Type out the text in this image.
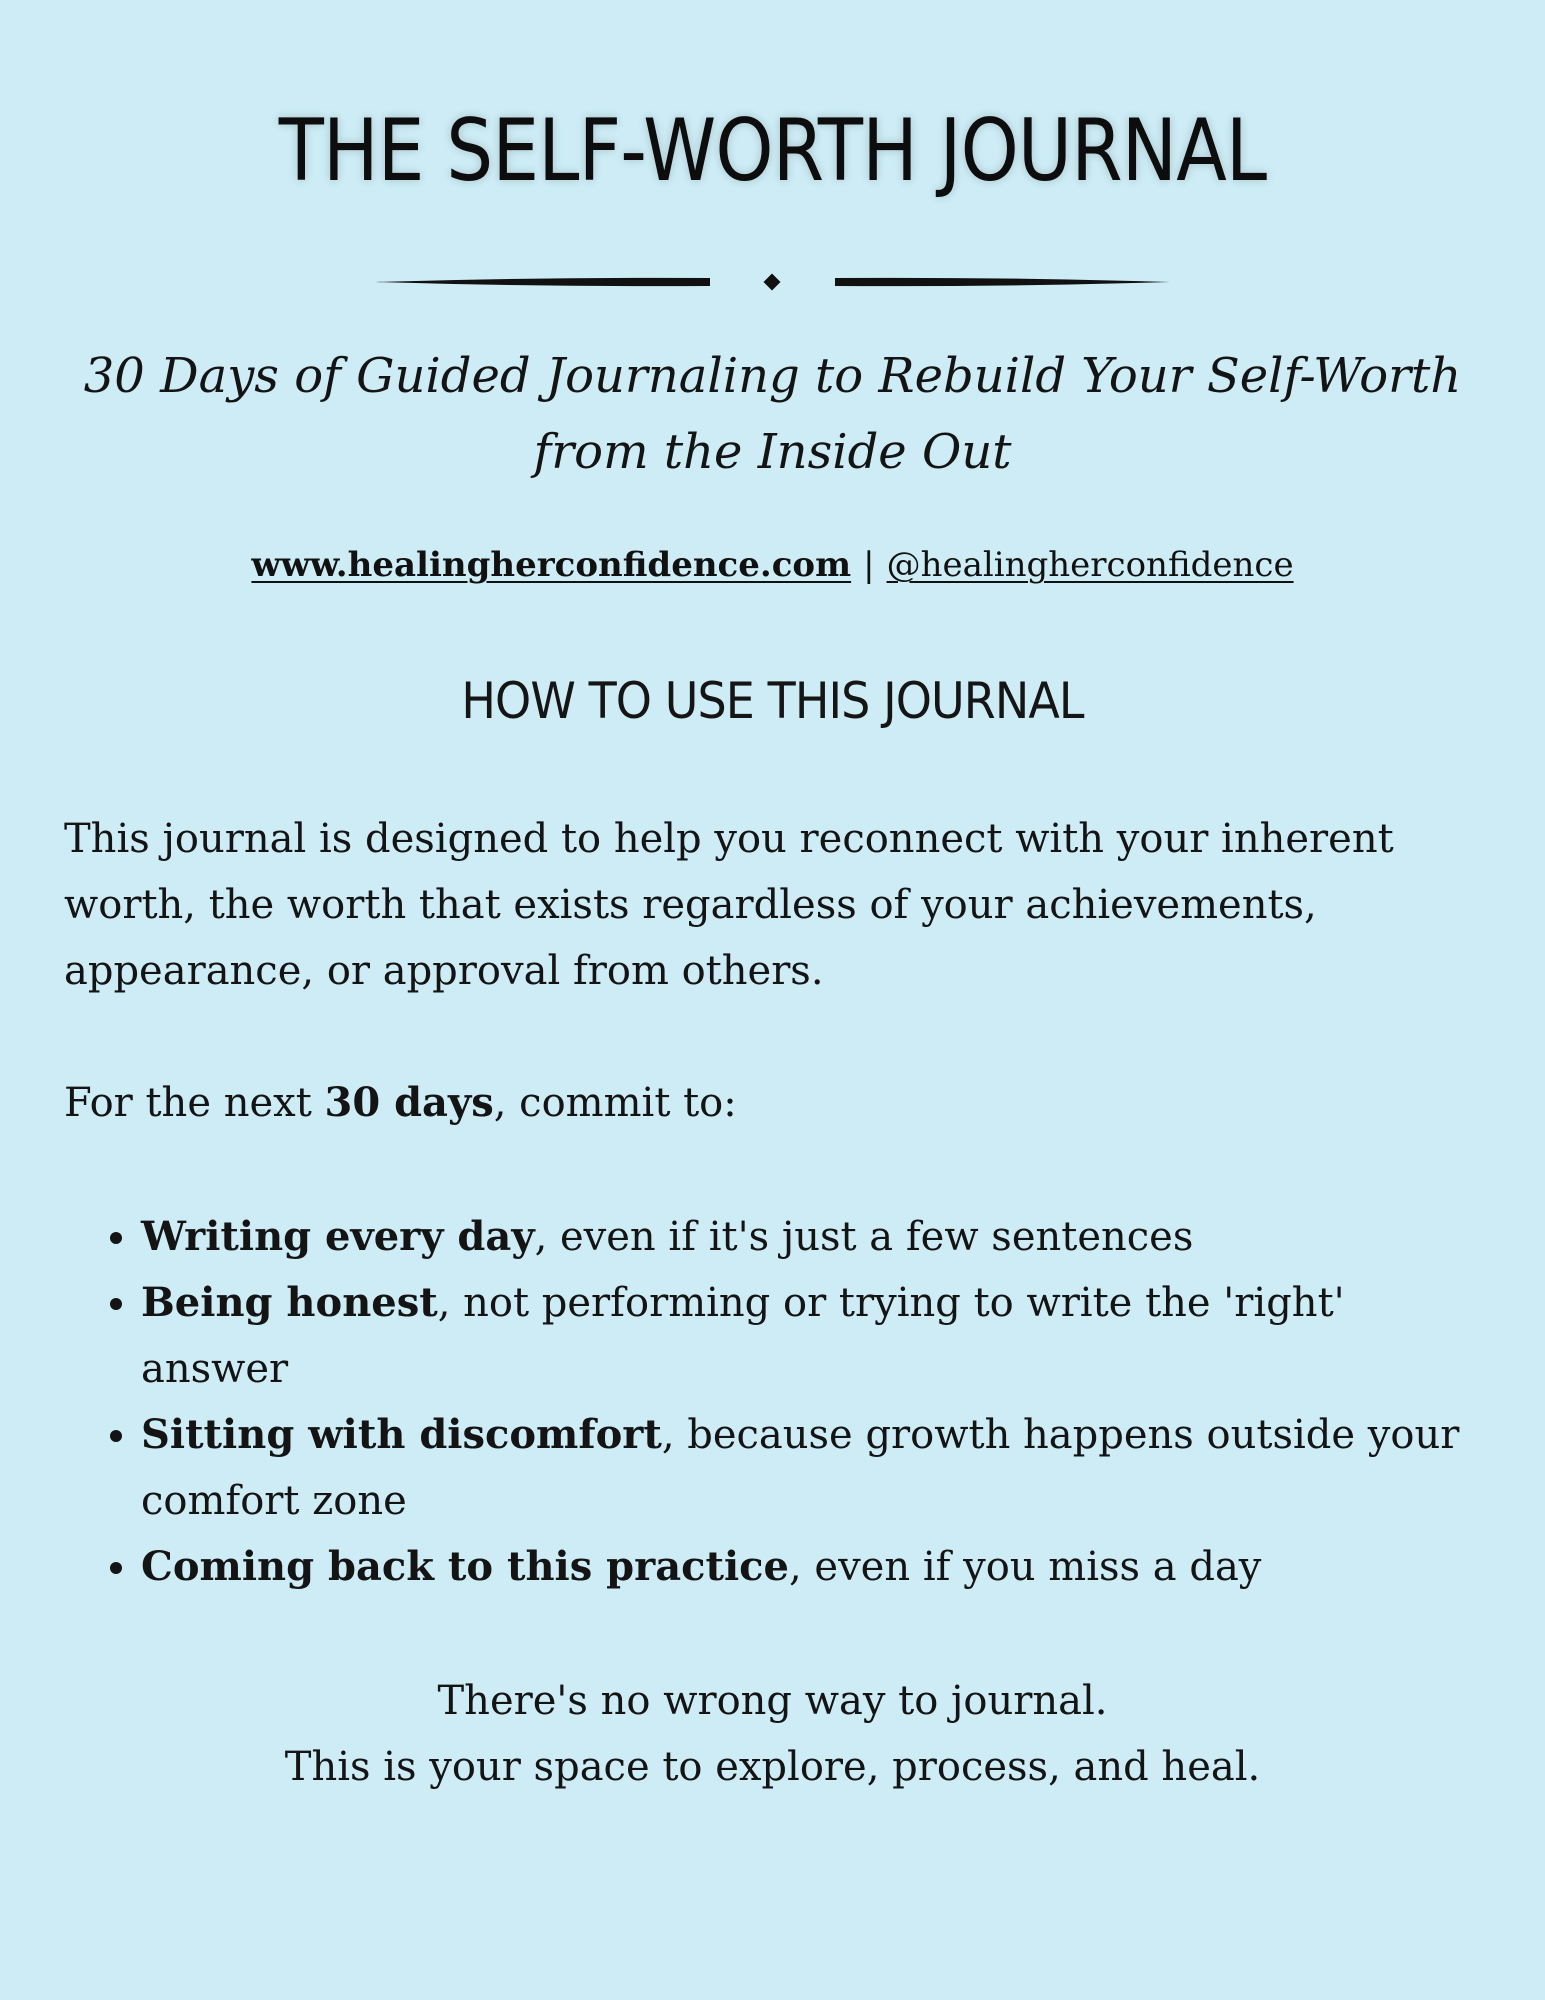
THE SELF-WORTH JOURNAL

30 Days of Guided Journaling to Rebuild Your Self-Worth from the Inside Out

www.healingherconfidence.com | @healingherconfidence
HOW TO USE THIS JOURNAL

This journal is designed to help you reconnect with your inherent worth, the worth that exists regardless of your achievements, appearance, or approval from others.

For the next 30 days, commit to:

• Writing every day, even if it's just a few sentences
• Being honest, not performing or trying to write the 'right' answer
• Sitting with discomfort, because growth happens outside your comfort zone
• Coming back to this practice, even if you miss a day

There's no wrong way to journal.
This is your space to explore, process, and heal.
